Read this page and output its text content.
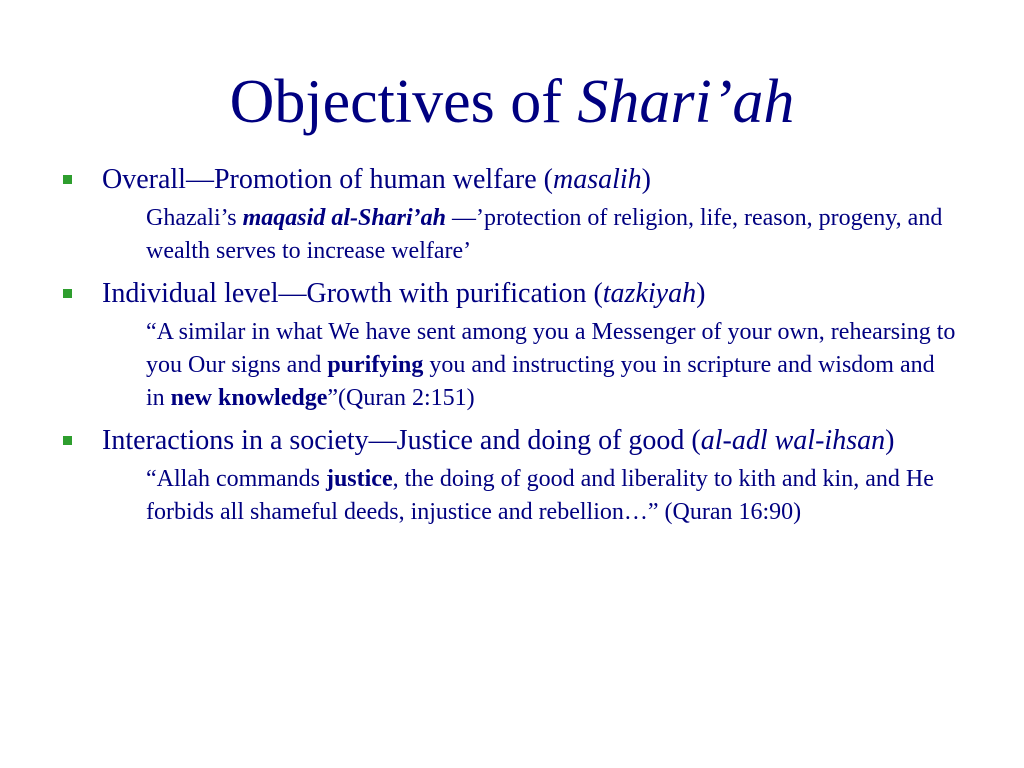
Objectives of Shari’ah
Overall—Promotion of human welfare (masalih)
Ghazali’s maqasid al-Shari’ah —’protection of religion, life, reason, progeny, and wealth serves to increase welfare’
Individual level—Growth with purification (tazkiyah)
“A similar in what We have sent among you a Messenger of your own, rehearsing to you Our signs and purifying you and instructing you in scripture and wisdom and in new knowledge”(Quran 2:151)
Interactions in a society—Justice and doing of good (al-adl wal-ihsan)
“Allah commands justice, the doing of good and liberality to kith and kin, and He forbids all shameful deeds, injustice and rebellion…” (Quran 16:90)
